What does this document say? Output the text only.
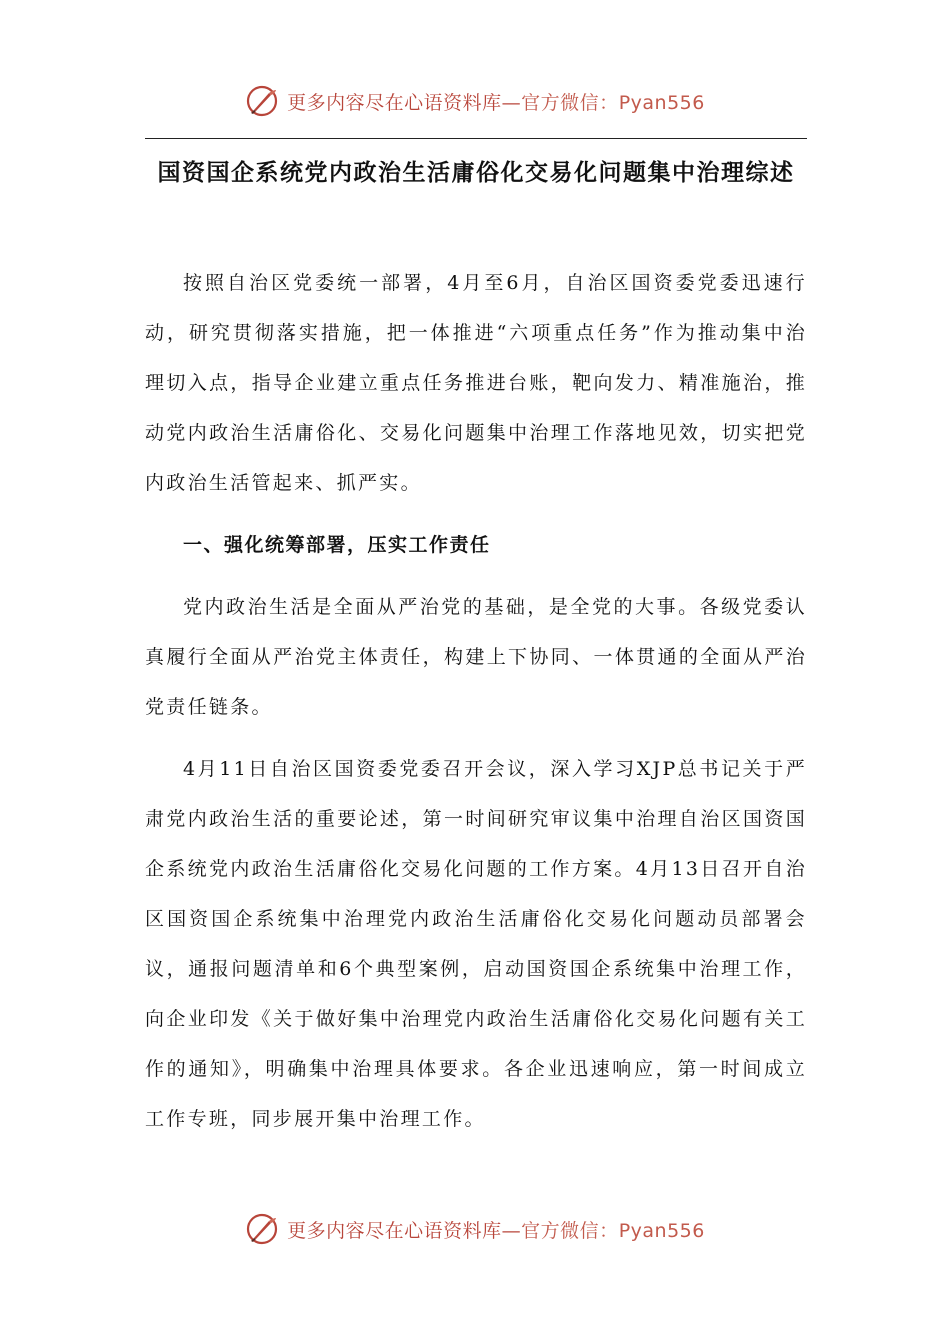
更多内容尽在心语资料库—官方微信：Pyan556
国资国企系统党内政治生活庸俗化交易化问题集中治理综述

按照自治区党委统一部署，4月至6月，自治区国资委党委迅速行动，研究贯彻落实措施，把一体推进“六项重点任务”作为推动集中治理切入点，指导企业建立重点任务推进台账，靶向发力、精准施治，推动党内政治生活庸俗化、交易化问题集中治理工作落地见效，切实把党内政治生活管起来、抓严实。

一、强化统筹部署，压实工作责任

党内政治生活是全面从严治党的基础，是全党的大事。各级党委认真履行全面从严治党主体责任，构建上下协同、一体贯通的全面从严治党责任链条。

4月11日自治区国资委党委召开会议，深入学习XJP总书记关于严肃党内政治生活的重要论述，第一时间研究审议集中治理自治区国资国企系统党内政治生活庸俗化交易化问题的工作方案。4月13日召开自治区国资国企系统集中治理党内政治生活庸俗化交易化问题动员部署会议，通报问题清单和6个典型案例，启动国资国企系统集中治理工作，向企业印发《关于做好集中治理党内政治生活庸俗化交易化问题有关工作的通知》，明确集中治理具体要求。各企业迅速响应，第一时间成立工作专班，同步展开集中治理工作。

更多内容尽在心语资料库—官方微信：Pyan556
